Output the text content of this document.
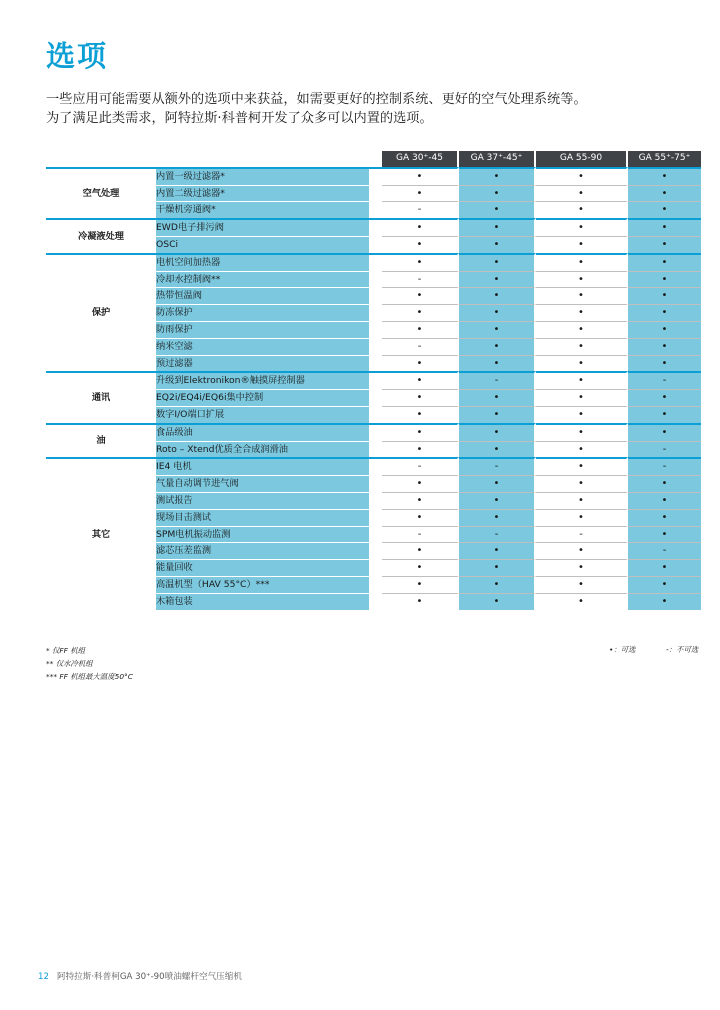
选项

一些应用可能需要从额外的选项中来获益，如需要更好的控制系统、更好的空气处理系统等。

为了满足此类需求，阿特拉斯·科普柯开发了众多可以内置的选项。

			GA 30⁺-45	GA 37⁺-45⁺	GA 55-90	GA 55⁺-75⁺
空气处理	内置一级过滤器*		•	•	•	•
	内置二级过滤器*		•	•	•	•
	干燥机旁通阀*		-	•	•	•
冷凝液处理	EWD电子排污阀		•	•	•	•
	OSCi		•	•	•	•
保护	电机空间加热器		•	•	•	•
	冷却水控制阀**		-	•	•	•
	热带恒温阀		•	•	•	•
	防冻保护		•	•	•	•
	防雨保护		•	•	•	•
	纳米空滤		-	•	•	•
	预过滤器		•	•	•	•
通讯	升级到Elektronikon®触摸屏控制器		•	-	•	-
	EQ2i/EQ4i/EQ6i集中控制		•	•	•	•
	数字I/O端口扩展		•	•	•	•
油	食品级油		•	•	•	•
	Roto – Xtend优质全合成润滑油		•	•	•	-
其它	IE4 电机		-	-	•	-
	气量自动调节进气阀		•	•	•	•
	测试报告		•	•	•	•
	现场目击测试		•	•	•	•
	SPM电机振动监测		-	-	-	•
	滤芯压差监测		•	•	•	-
	能量回收		•	•	•	•
	高温机型（HAV 55°C）***		•	•	•	•
	木箱包装		•	•	•	•
* 仅FF 机组
** 仅水冷机组
*** FF 机组最大温度50°C
•：可选	-：不可选
12 阿特拉斯·科普柯GA 30⁺-90喷油螺杆空气压缩机
